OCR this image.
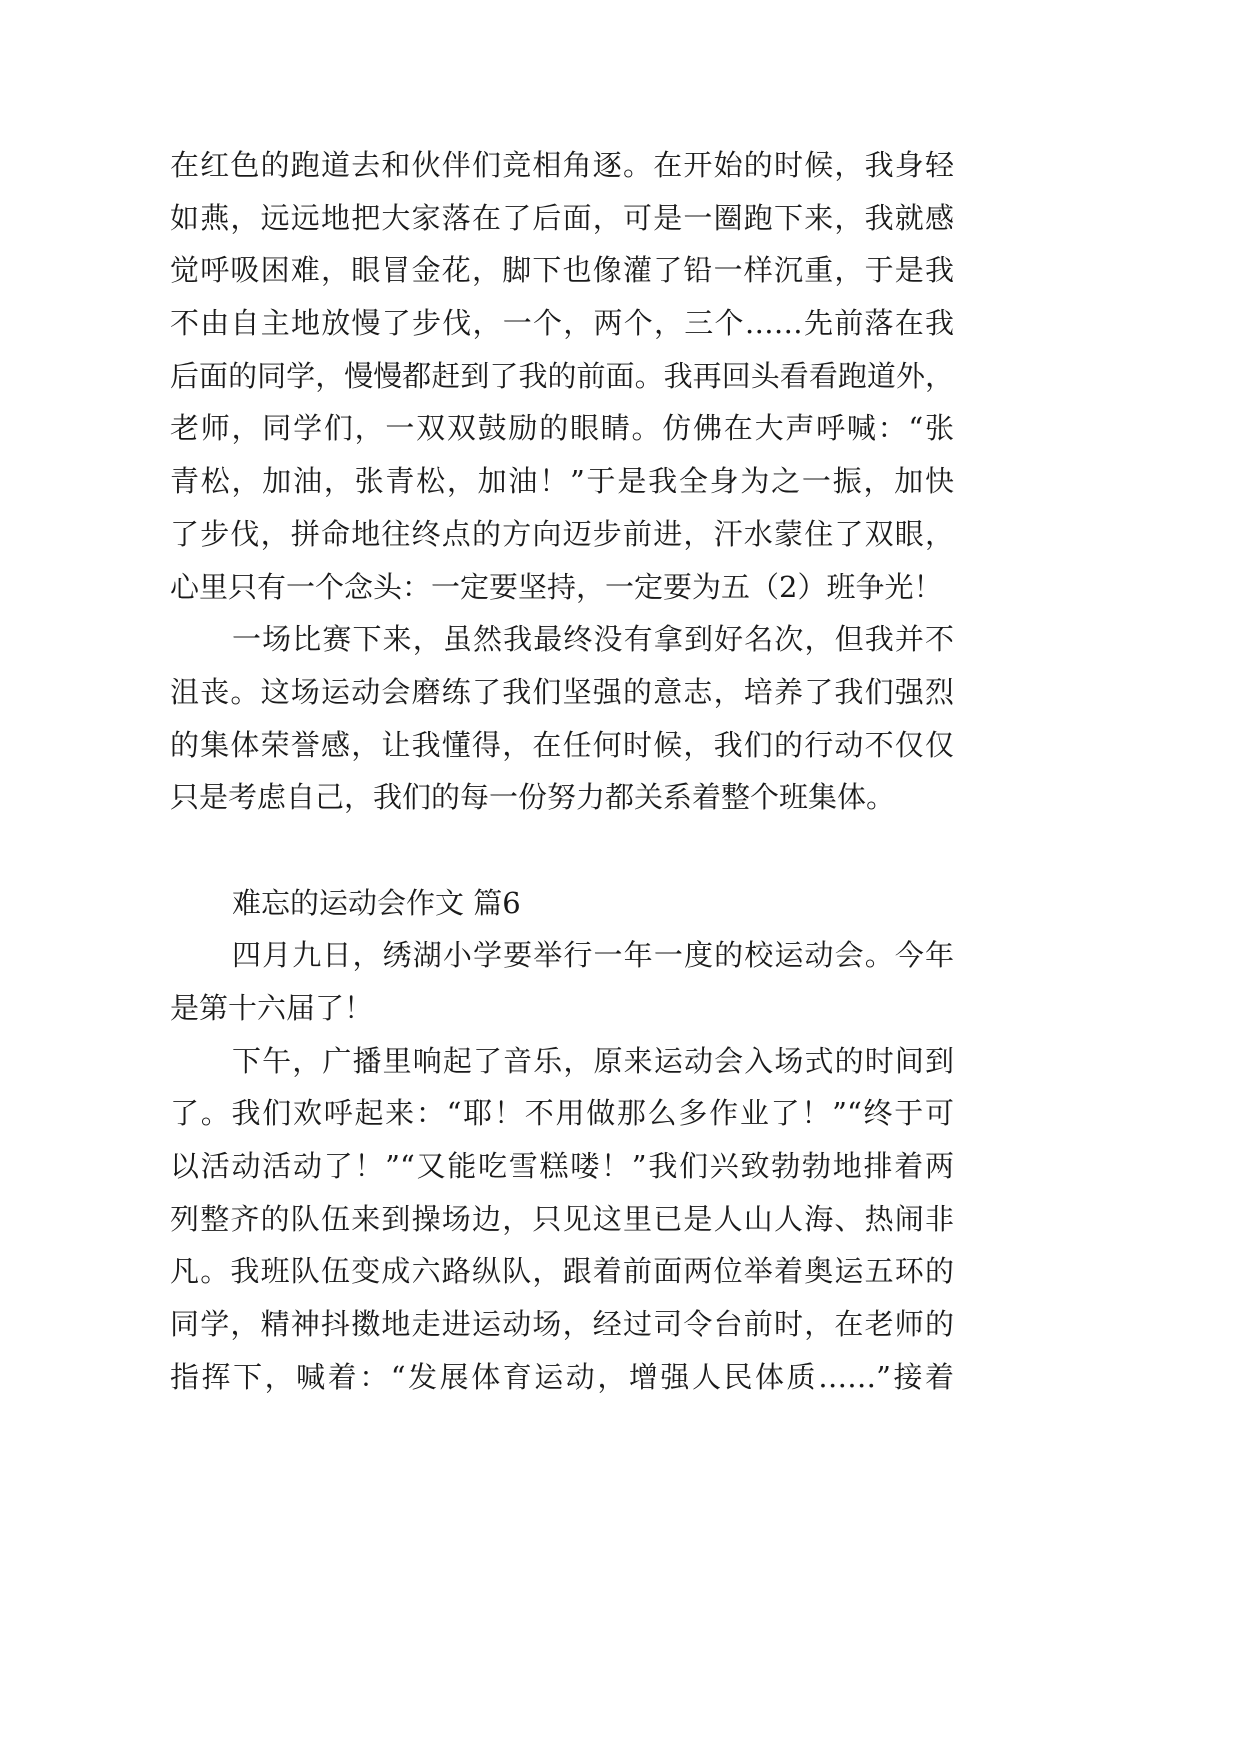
在红色的跑道去和伙伴们竞相角逐。在开始的时候，我身轻
如燕，远远地把大家落在了后面，可是一圈跑下来，我就感
觉呼吸困难，眼冒金花，脚下也像灌了铅一样沉重，于是我
不由自主地放慢了步伐，一个，两个，三个……先前落在我
后面的同学，慢慢都赶到了我的前面。我再回头看看跑道外，
老师，同学们，一双双鼓励的眼睛。仿佛在大声呼喊：“张
青松，加油，张青松，加油！”于是我全身为之一振，加快
了步伐，拼命地往终点的方向迈步前进，汗水蒙住了双眼，
心里只有一个念头：一定要坚持，一定要为五（2）班争光！
一场比赛下来，虽然我最终没有拿到好名次，但我并不
沮丧。这场运动会磨练了我们坚强的意志，培养了我们强烈
的集体荣誉感，让我懂得，在任何时候，我们的行动不仅仅
只是考虑自己，我们的每一份努力都关系着整个班集体。
难忘的运动会作文 篇6
四月九日，绣湖小学要举行一年一度的校运动会。今年
是第十六届了！
下午，广播里响起了音乐，原来运动会入场式的时间到
了。我们欢呼起来：“耶！不用做那么多作业了！”“终于可
以活动活动了！”“又能吃雪糕喽！”我们兴致勃勃地排着两
列整齐的队伍来到操场边，只见这里已是人山人海、热闹非
凡。我班队伍变成六路纵队，跟着前面两位举着奥运五环的
同学，精神抖擞地走进运动场，经过司令台前时，在老师的
指挥下，喊着：“发展体育运动，增强人民体质……”接着
